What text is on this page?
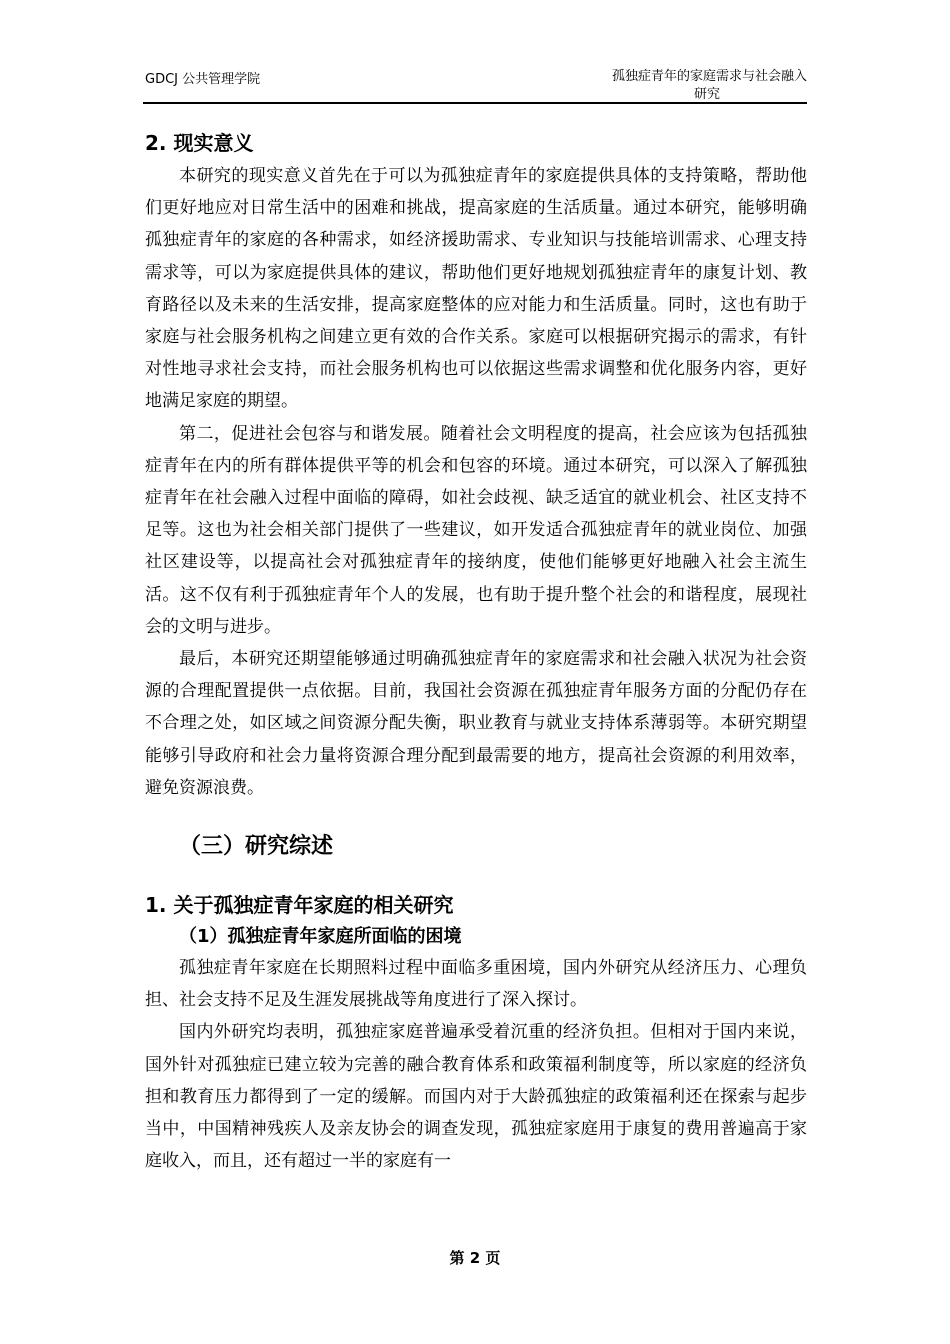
GDCJ 公共管理学院	孤独症青年的家庭需求与社会融入
研究
2. 现实意义

本研究的现实意义首先在于可以为孤独症青年的家庭提供具体的支持策略，帮助他们更好地应对日常生活中的困难和挑战，提高家庭的生活质量。通过本研究，能够明确孤独症青年的家庭的各种需求，如经济援助需求、专业知识与技能培训需求、心理支持需求等，可以为家庭提供具体的建议，帮助他们更好地规划孤独症青年的康复计划、教育路径以及未来的生活安排，提高家庭整体的应对能力和生活质量。同时，这也有助于家庭与社会服务机构之间建立更有效的合作关系。家庭可以根据研究揭示的需求，有针对性地寻求社会支持，而社会服务机构也可以依据这些需求调整和优化服务内容，更好地满足家庭的期望。

第二，促进社会包容与和谐发展。随着社会文明程度的提高，社会应该为包括孤独症青年在内的所有群体提供平等的机会和包容的环境。通过本研究，可以深入了解孤独症青年在社会融入过程中面临的障碍，如社会歧视、缺乏适宜的就业机会、社区支持不足等。这也为社会相关部门提供了一些建议，如开发适合孤独症青年的就业岗位、加强社区建设等，以提高社会对孤独症青年的接纳度，使他们能够更好地融入社会主流生活。这不仅有利于孤独症青年个人的发展，也有助于提升整个社会的和谐程度，展现社会的文明与进步。

最后，本研究还期望能够通过明确孤独症青年的家庭需求和社会融入状况为社会资源的合理配置提供一点依据。目前，我国社会资源在孤独症青年服务方面的分配仍存在不合理之处，如区域之间资源分配失衡，职业教育与就业支持体系薄弱等。本研究期望能够引导政府和社会力量将资源合理分配到最需要的地方，提高社会资源的利用效率，避免资源浪费。

（三）研究综述
1. 关于孤独症青年家庭的相关研究
（1）孤独症青年家庭所面临的困境

孤独症青年家庭在长期照料过程中面临多重困境，国内外研究从经济压力、心理负担、社会支持不足及生涯发展挑战等角度进行了深入探讨。

国内外研究均表明，孤独症家庭普遍承受着沉重的经济负担。但相对于国内来说，国外针对孤独症已建立较为完善的融合教育体系和政策福利制度等，所以家庭的经济负担和教育压力都得到了一定的缓解。而国内对于大龄孤独症的政策福利还在探索与起步当中，中国精神残疾人及亲友协会的调查发现，孤独症家庭用于康复的费用普遍高于家庭收入，而且，还有超过一半的家庭有一

第 2 页
